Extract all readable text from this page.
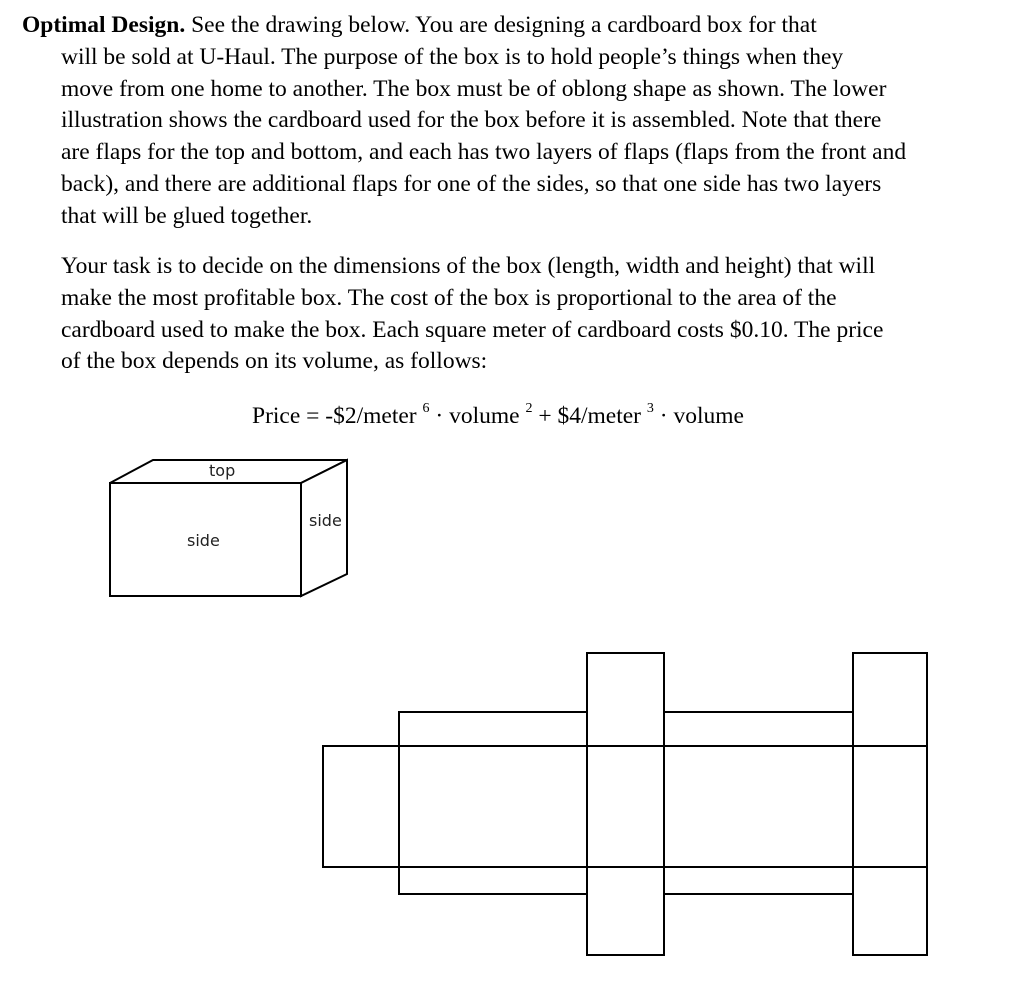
Optimal Design. See the drawing below. You are designing a cardboard box for that
will be sold at U-Haul. The purpose of the box is to hold people’s things when they
move from one home to another. The box must be of oblong shape as shown. The lower
illustration shows the cardboard used for the box before it is assembled. Note that there
are flaps for the top and bottom, and each has two layers of flaps (flaps from the front and
back), and there are additional flaps for one of the sides, so that one side has two layers
that will be glued together.
Your task is to decide on the dimensions of the box (length, width and height) that will
make the most profitable box. The cost of the box is proportional to the area of the
cardboard used to make the box. Each square meter of cardboard costs $0.10. The price
of the box depends on its volume, as follows:
Price = -$2/meter $^6$ · volume $^2$ + $4/meter $^3$ · volume
top
side
side
